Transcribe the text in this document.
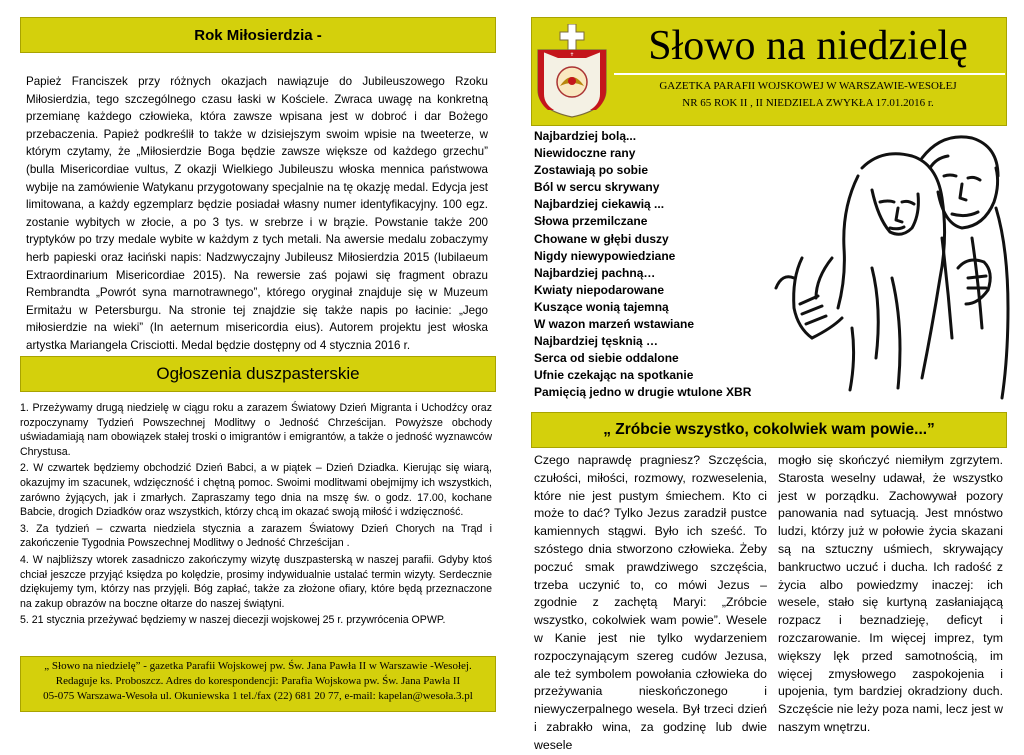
Rok Miłosierdzia -

Papież Franciszek przy różnych okazjach nawiązuje do Jubileuszowego Rzoku Miłosierdzia, tego szczególnego czasu łaski w Kościele. Zwraca uwagę na konkretną przemianę każdego człowieka, która zawsze wpisana jest w dobroć i dar Bożego przebaczenia. Papież podkreślił to także w dzisiejszym swoim wpisie na tweeterze, w którym czytamy, że „Miłosierdzie Boga będzie zawsze większe od każdego grzechu” (bulla Misericordiae vultus, Z okazji Wielkiego Jubileuszu włoska mennica państwowa wybije na zamówienie Watykanu przygotowany specjalnie na tę okazję medal. Edycja jest limitowana, a każdy egzemplarz będzie posiadał własny numer identyfikacyjny. 100 egz. zostanie wybitych w złocie, a po 3 tys. w srebrze i w brązie. Powstanie także 200 tryptyków po trzy medale wybite w każdym z tych metali. Na awersie medalu zobaczymy herb papieski oraz łaciński napis: Nadzwyczajny Jubileusz Miłosierdzia 2015 (Iubilaeum Extraordinarium Misericordiae 2015). Na rewersie zaś pojawi się fragment obrazu Rembrandta „Powrót syna marnotrawnego”, którego oryginał znajduje się w Muzeum Ermitażu w Petersburgu. Na stronie tej znajdzie się także napis po łacinie: „Jego miłosierdzie na wieki” (In aeternum misericordia eius). Autorem projektu jest włoska artystka Mariangela Crisciotti. Medal będzie dostępny od 4 stycznia 2016 r.

Ogłoszenia duszpasterskie

1. Przeżywamy drugą niedzielę w ciągu roku a zarazem Światowy Dzień Migranta i Uchodźcy oraz rozpoczynamy Tydzień Powszechnej Modlitwy o Jedność Chrześcijan. Powyższe obchody uświadamiają nam obowiązek stałej troski o imigrantów i emigrantów, a także o jedność wyznawców Chrystusa.

2. W czwartek będziemy obchodzić Dzień Babci, a w piątek – Dzień Dziadka. Kierując się wiarą, okazujmy im szacunek, wdzięczność i chętną pomoc. Swoimi modlitwami obejmijmy ich wszystkich, zarówno żyjących, jak i zmarłych. Zapraszamy tego dnia na mszę św. o godz. 17.00, kochane Babcie, drogich Dziadków oraz wszystkich, którzy chcą im okazać swoją miłość i wdzięczność.

3. Za tydzień – czwarta niedziela stycznia a zarazem Światowy Dzień Chorych na Trąd i zakończenie Tygodnia Powszechnej Modlitwy o Jedność Chrześcijan .

4. W najbliższy wtorek zasadniczo zakończymy wizytę duszpasterską w naszej parafii. Gdyby ktoś chciał jeszcze przyjąć księdza po kolędzie, prosimy indywidualnie ustalać termin wizyty. Serdecznie dziękujemy tym, którzy nas przyjęli. Bóg zapłać, także za złożone ofiary, które będą przeznaczone na zakup obrazów na boczne ołtarze do naszej świątyni.

5. 21 stycznia przeżywać będziemy w naszej diecezji wojskowej 25 r. przywrócenia OPWP.

„ Słowo na niedzielę” - gazetka Parafii Wojskowej pw. Św. Jana Pawła II w Warszawie -Wesołej.
Redaguje ks. Proboszcz. Adres do korespondencji: Parafia Wojskowa pw. Św. Jana Pawła II
05-075 Warszawa-Wesoła ul. Okuniewska 1 tel./fax (22) 681 20 77, e-mail: kapelan@wesoła.3.pl
✝	Słowo na niedzielę
GAZETKA PARAFII WOJSKOWEJ W WARSZAWIE-WESOŁEJ
NR 65 ROK II , II NIEDZIELA ZWYKŁA 17.01.2016 r.
Najbardziej bolą...
Niewidoczne rany
Zostawiają po sobie
Ból w sercu skrywany
Najbardziej ciekawią ...
Słowa przemilczane
Chowane w głębi duszy
Nigdy niewypowiedziane
Najbardziej pachną…
Kwiaty niepodarowane
Kuszące wonią tajemną
W wazon marzeń wstawiane
Najbardziej tęsknią …
Serca od siebie oddalone
Ufnie czekając na spotkanie
Pamięcią jedno w drugie wtulone XBR
„ Zróbcie wszystko, cokolwiek wam powie...”

Czego naprawdę pragniesz? Szczęścia, czułości, miłości, rozmowy, rozweselenia, które nie jest pustym śmiechem. Kto ci może to dać? Tylko Jezus zaradził pustce kamiennych stągwi. Było ich sześć. To szóstego dnia stworzono człowieka. Żeby poczuć smak prawdziwego szczęścia, trzeba uczynić to, co mówi Jezus – zgodnie z zachętą Maryi: „Zróbcie wszystko, cokolwiek wam powie”. Wesele w Kanie jest nie tylko wydarzeniem rozpoczynającym szereg cudów Jezusa, ale też symbolem powołania człowieka do przeżywania nieskończonego i niewyczerpalnego wesela. Był trzeci dzień i zabrakło wina, za godzinę lub dwie wesele

mogło się skończyć niemiłym zgrzytem. Starosta weselny udawał, że wszystko jest w porządku. Zachowywał pozory panowania nad sytuacją. Jest mnóstwo ludzi, którzy już w połowie życia skazani są na sztuczny uśmiech, skrywający bankructwo uczuć i ducha. Ich radość z życia albo powiedzmy inaczej: ich wesele, stało się kurtyną zasłaniającą rozpacz i beznadzieję, deficyt i rozczarowanie. Im więcej imprez, tym większy lęk przed samotnością, im więcej zmysłowego zaspokojenia i upojenia, tym bardziej okradziony duch. Szczęście nie leży poza nami, lecz jest w naszym wnętrzu.
